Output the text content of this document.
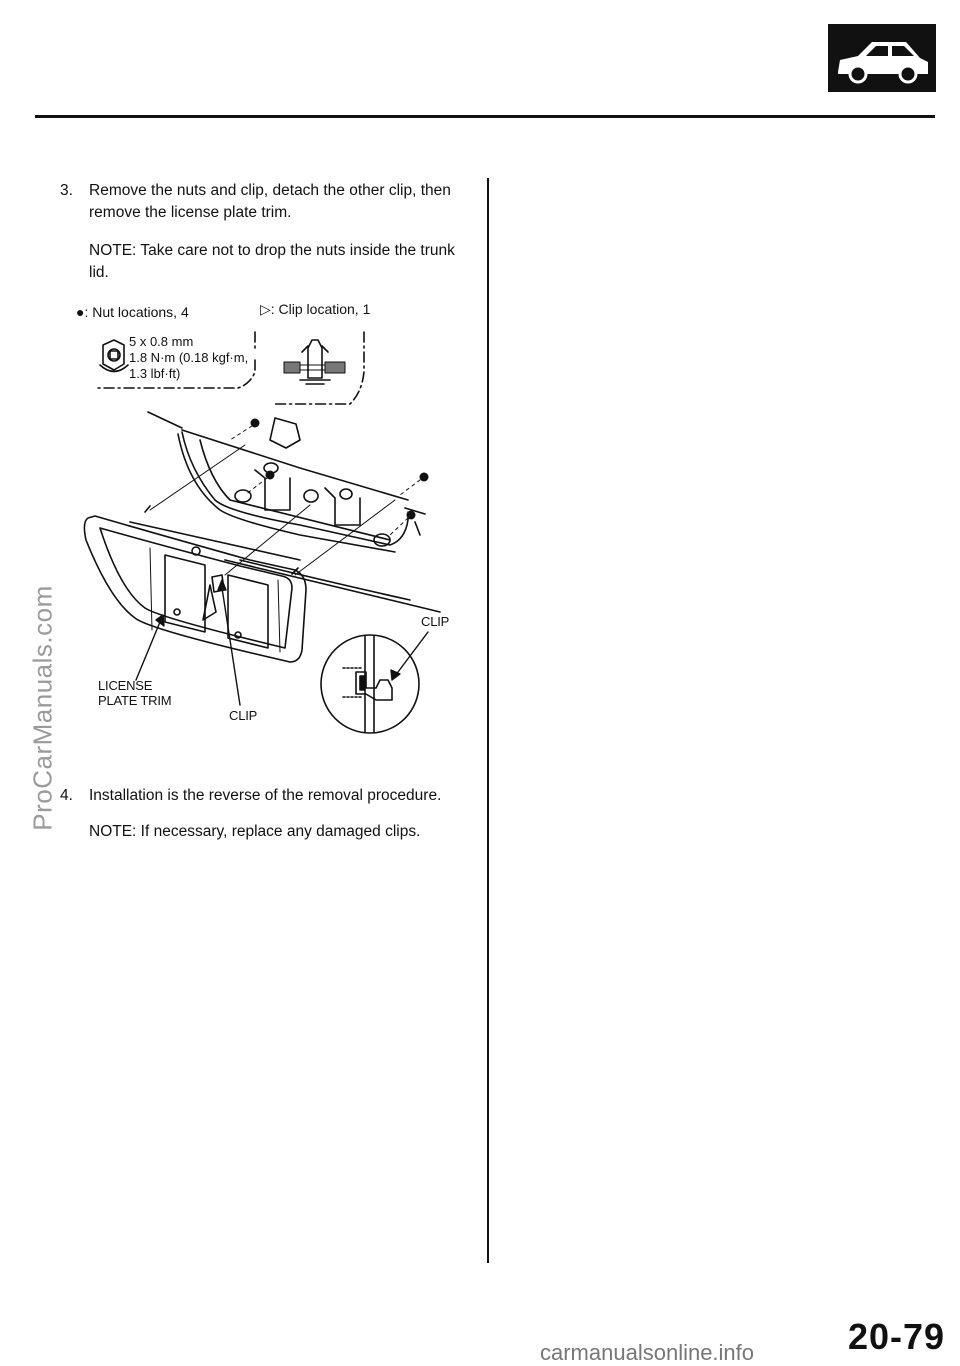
3. Remove the nuts and clip, detach the other clip, then remove the license plate trim.
NOTE: Take care not to drop the nuts inside the trunk lid.
●: Nut locations, 4	▷: Clip location, 1
5 x 0.8 mm
1.8 N·m (0.18 kgf·m,
1.3 lbf·ft)
LICENSE
PLATE TRIM
CLIP
CLIP
4. Installation is the reverse of the removal procedure.
NOTE: If necessary, replace any damaged clips.
ProCarManuals.com
20-79
carmanualsonline.info
